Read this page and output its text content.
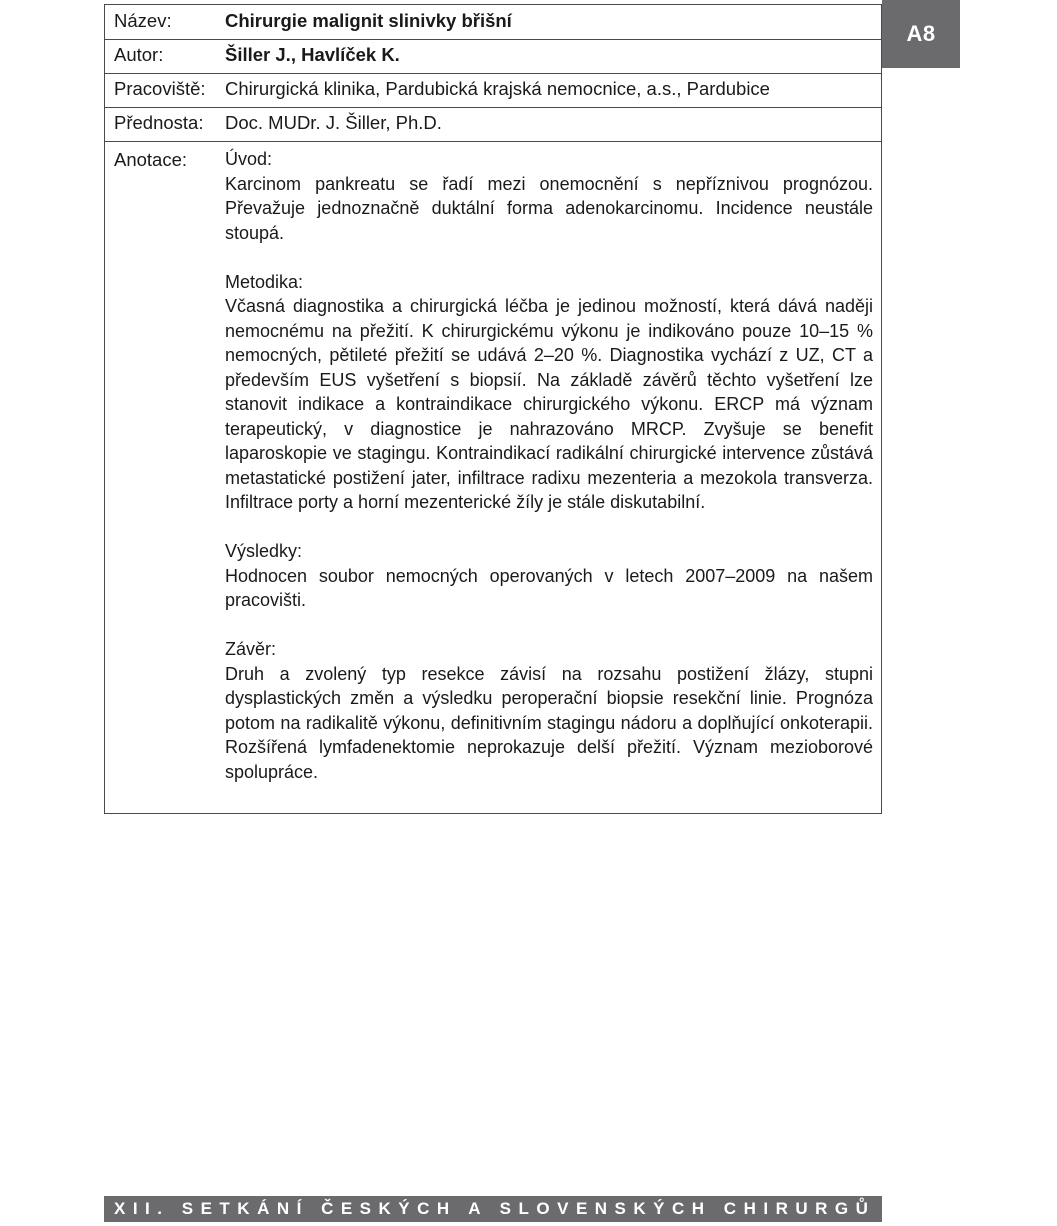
A8
Název:	Chirurgie malignit slinivky břišní
Autor:	Šiller J., Havlíček K.
Pracoviště: Chirurgická klinika, Pardubická krajská nemocnice, a.s., Pardubice
Přednosta: Doc. MUDr. J. Šiller, Ph.D.
Anotace: Úvod:

Karcinom pankreatu se řadí mezi onemocnění s nepříznivou prognózou. Převažuje jednoznačně duktální forma adenokarcinomu. Incidence neustále stoupá.

Metodika:

Včasná diagnostika a chirurgická léčba je jedinou možností, která dává naději nemocnému na přežití. K chirurgickému výkonu je indikováno pouze 10–15 % nemocných, pětileté přežití se udává 2–20 %. Diagnostika vychází z UZ, CT a především EUS vyšetření s biopsií. Na základě závěrů těchto vyšetření lze stanovit indikace a kontraindikace chirurgického výkonu. ERCP má význam terapeutický, v diagnostice je nahrazováno MRCP. Zvyšuje se benefit laparoskopie ve stagingu. Kontraindikací radikální chirurgické intervence zůstává metastatické postižení jater, infiltrace radixu mezenteria a mezokola transverza. Infiltrace porty a horní mezenterické žíly je stále diskutabilní.

Výsledky:

Hodnocen soubor nemocných operovaných v letech 2007–2009 na našem pracovišti.

Závěr:

Druh a zvolený typ resekce závisí na rozsahu postižení žlázy, stupni dysplastických změn a výsledku peroperační biopsie resekční linie. Prognóza potom na radikalitě výkonu, definitivním stagingu nádoru a doplňující onkoterapii. Rozšířená lymfadenektomie neprokazuje delší přežití. Význam mezioborové spolupráce.

XII. SETKÁNÍ ČESKÝCH A SLOVENSKÝCH CHIRURGŮ NA MORAVĚ
